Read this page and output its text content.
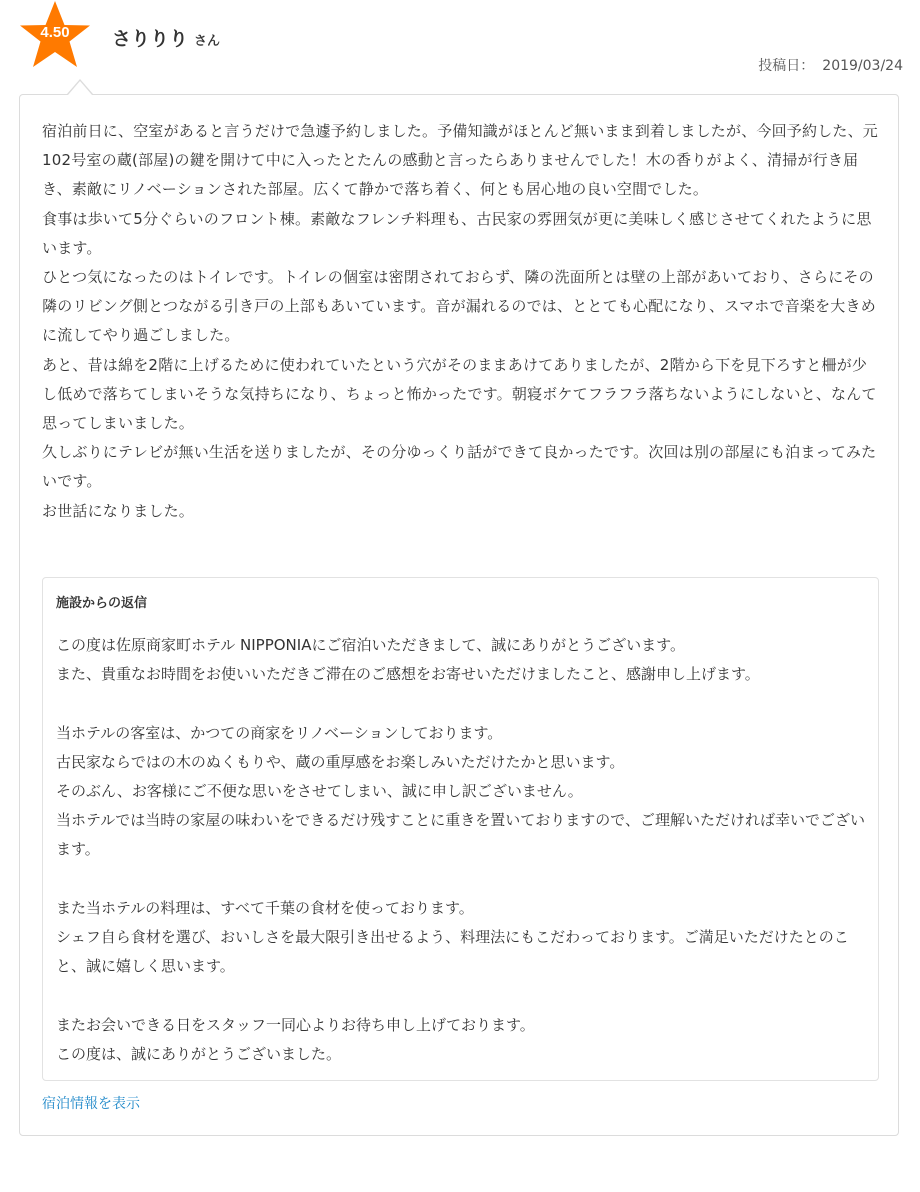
4.50	さりりり さん
投稿日： 2019/03/24

宿泊前日に、空室があると言うだけで急遽予約しました。予備知識がほとんど無いまま到着しましたが、今回予約した、元102号室の蔵(部屋)の鍵を開けて中に入ったとたんの感動と言ったらありませんでした！木の香りがよく、清掃が行き届き、素敵にリノベーションされた部屋。広くて静かで落ち着く、何とも居心地の良い空間でした。

食事は歩いて5分ぐらいのフロント棟。素敵なフレンチ料理も、古民家の雰囲気が更に美味しく感じさせてくれたように思います。

ひとつ気になったのはトイレです。トイレの個室は密閉されておらず、隣の洗面所とは壁の上部があいており、さらにその隣のリビング側とつながる引き戸の上部もあいています。音が漏れるのでは、ととても心配になり、スマホで音楽を大きめに流してやり過ごしました。

あと、昔は綿を2階に上げるために使われていたという穴がそのままあけてありましたが、2階から下を見下ろすと柵が少し低めで落ちてしまいそうな気持ちになり、ちょっと怖かったです。朝寝ボケてフラフラ落ちないようにしないと、なんて思ってしまいました。

久しぶりにテレビが無い生活を送りましたが、その分ゆっくり話ができて良かったです。次回は別の部屋にも泊まってみたいです。

お世話になりました。

施設からの返信

この度は佐原商家町ホテル NIPPONIAにご宿泊いただきまして、誠にありがとうございます。

また、貴重なお時間をお使いいただきご滞在のご感想をお寄せいただけましたこと、感謝申し上げます。

当ホテルの客室は、かつての商家をリノベーションしております。

古民家ならではの木のぬくもりや、蔵の重厚感をお楽しみいただけたかと思います。

そのぶん、お客様にご不便な思いをさせてしまい、誠に申し訳ございません。

当ホテルでは当時の家屋の味わいをできるだけ残すことに重きを置いておりますので、ご理解いただければ幸いでございます。

また当ホテルの料理は、すべて千葉の食材を使っております。

シェフ自ら食材を選び、おいしさを最大限引き出せるよう、料理法にもこだわっております。ご満足いただけたとのこと、誠に嬉しく思います。

またお会いできる日をスタッフ一同心よりお待ち申し上げております。

この度は、誠にありがとうございました。

宿泊情報を表示
